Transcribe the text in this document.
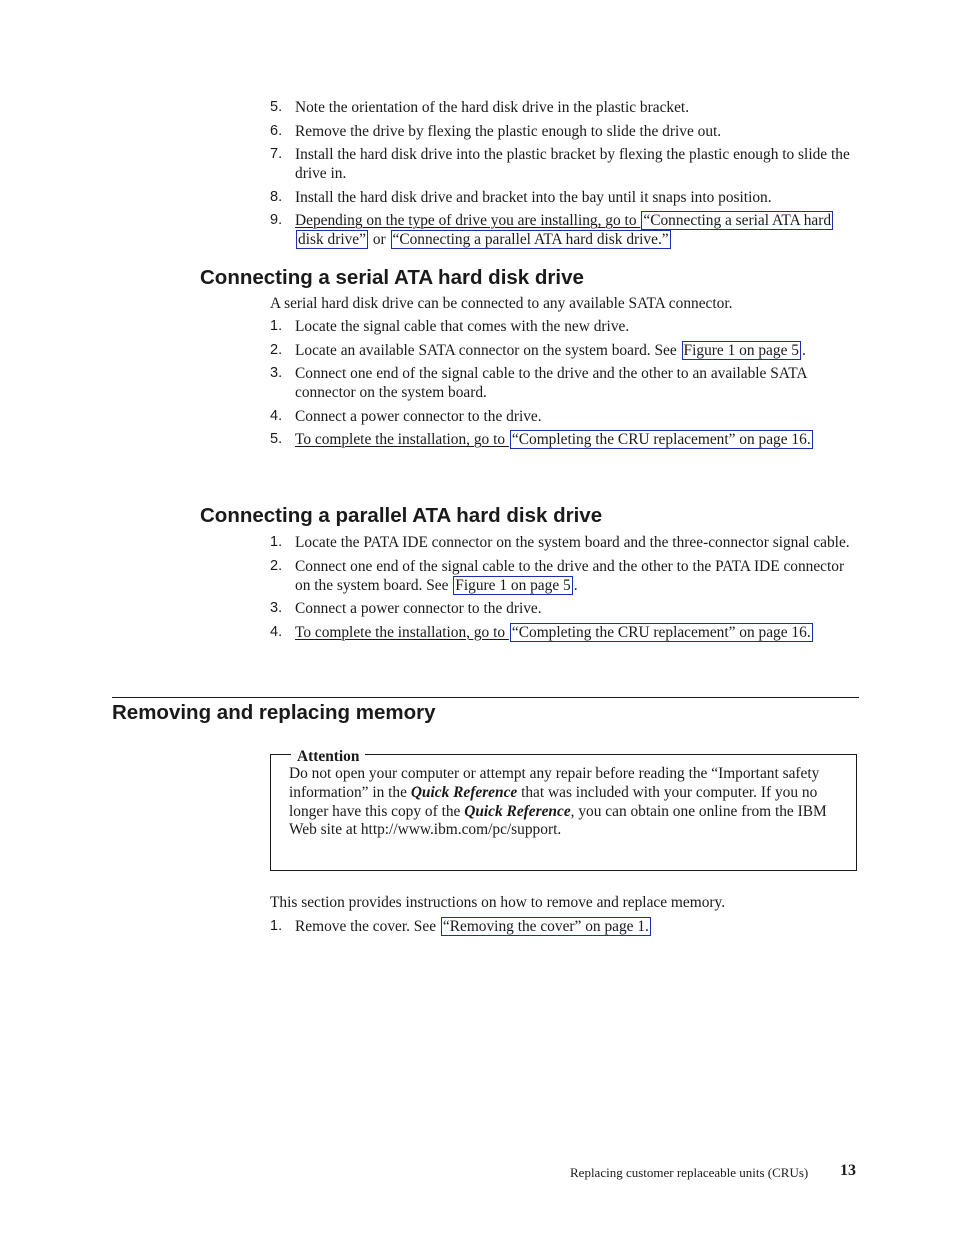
5. Note the orientation of the hard disk drive in the plastic bracket.
6. Remove the drive by flexing the plastic enough to slide the drive out.
7. Install the hard disk drive into the plastic bracket by flexing the plastic enough to slide the drive in.
8. Install the hard disk drive and bracket into the bay until it snaps into position.
9. Depending on the type of drive you are installing, go to “Connecting a serial ATA hard disk drive” or “Connecting a parallel ATA hard disk drive.”
Connecting a serial ATA hard disk drive

A serial hard disk drive can be connected to any available SATA connector.

1. Locate the signal cable that comes with the new drive.
2. Locate an available SATA connector on the system board. See Figure 1 on page 5 .
3. Connect one end of the signal cable to the drive and the other to an available SATA connector on the system board.
4. Connect a power connector to the drive.
5. To complete the installation, go to “Completing the CRU replacement” on page 16.
Connecting a parallel ATA hard disk drive
1. Locate the PATA IDE connector on the system board and the three-connector signal cable.
2. Connect one end of the signal cable to the drive and the other to the PATA IDE connector on the system board. See Figure 1 on page 5 .
3. Connect a power connector to the drive.
4. To complete the installation, go to “Completing the CRU replacement” on page 16.
Removing and replacing memory
Attention

Do not open your computer or attempt any repair before reading the “Important safety information” in the Quick Reference that was included with your computer. If you no longer have this copy of the Quick Reference, you can obtain one online from the IBM Web site at http://www.ibm.com/pc/support.

This section provides instructions on how to remove and replace memory.

1. Remove the cover. See “Removing the cover” on page 1.
Replacing customer replaceable units (CRUs) 13
